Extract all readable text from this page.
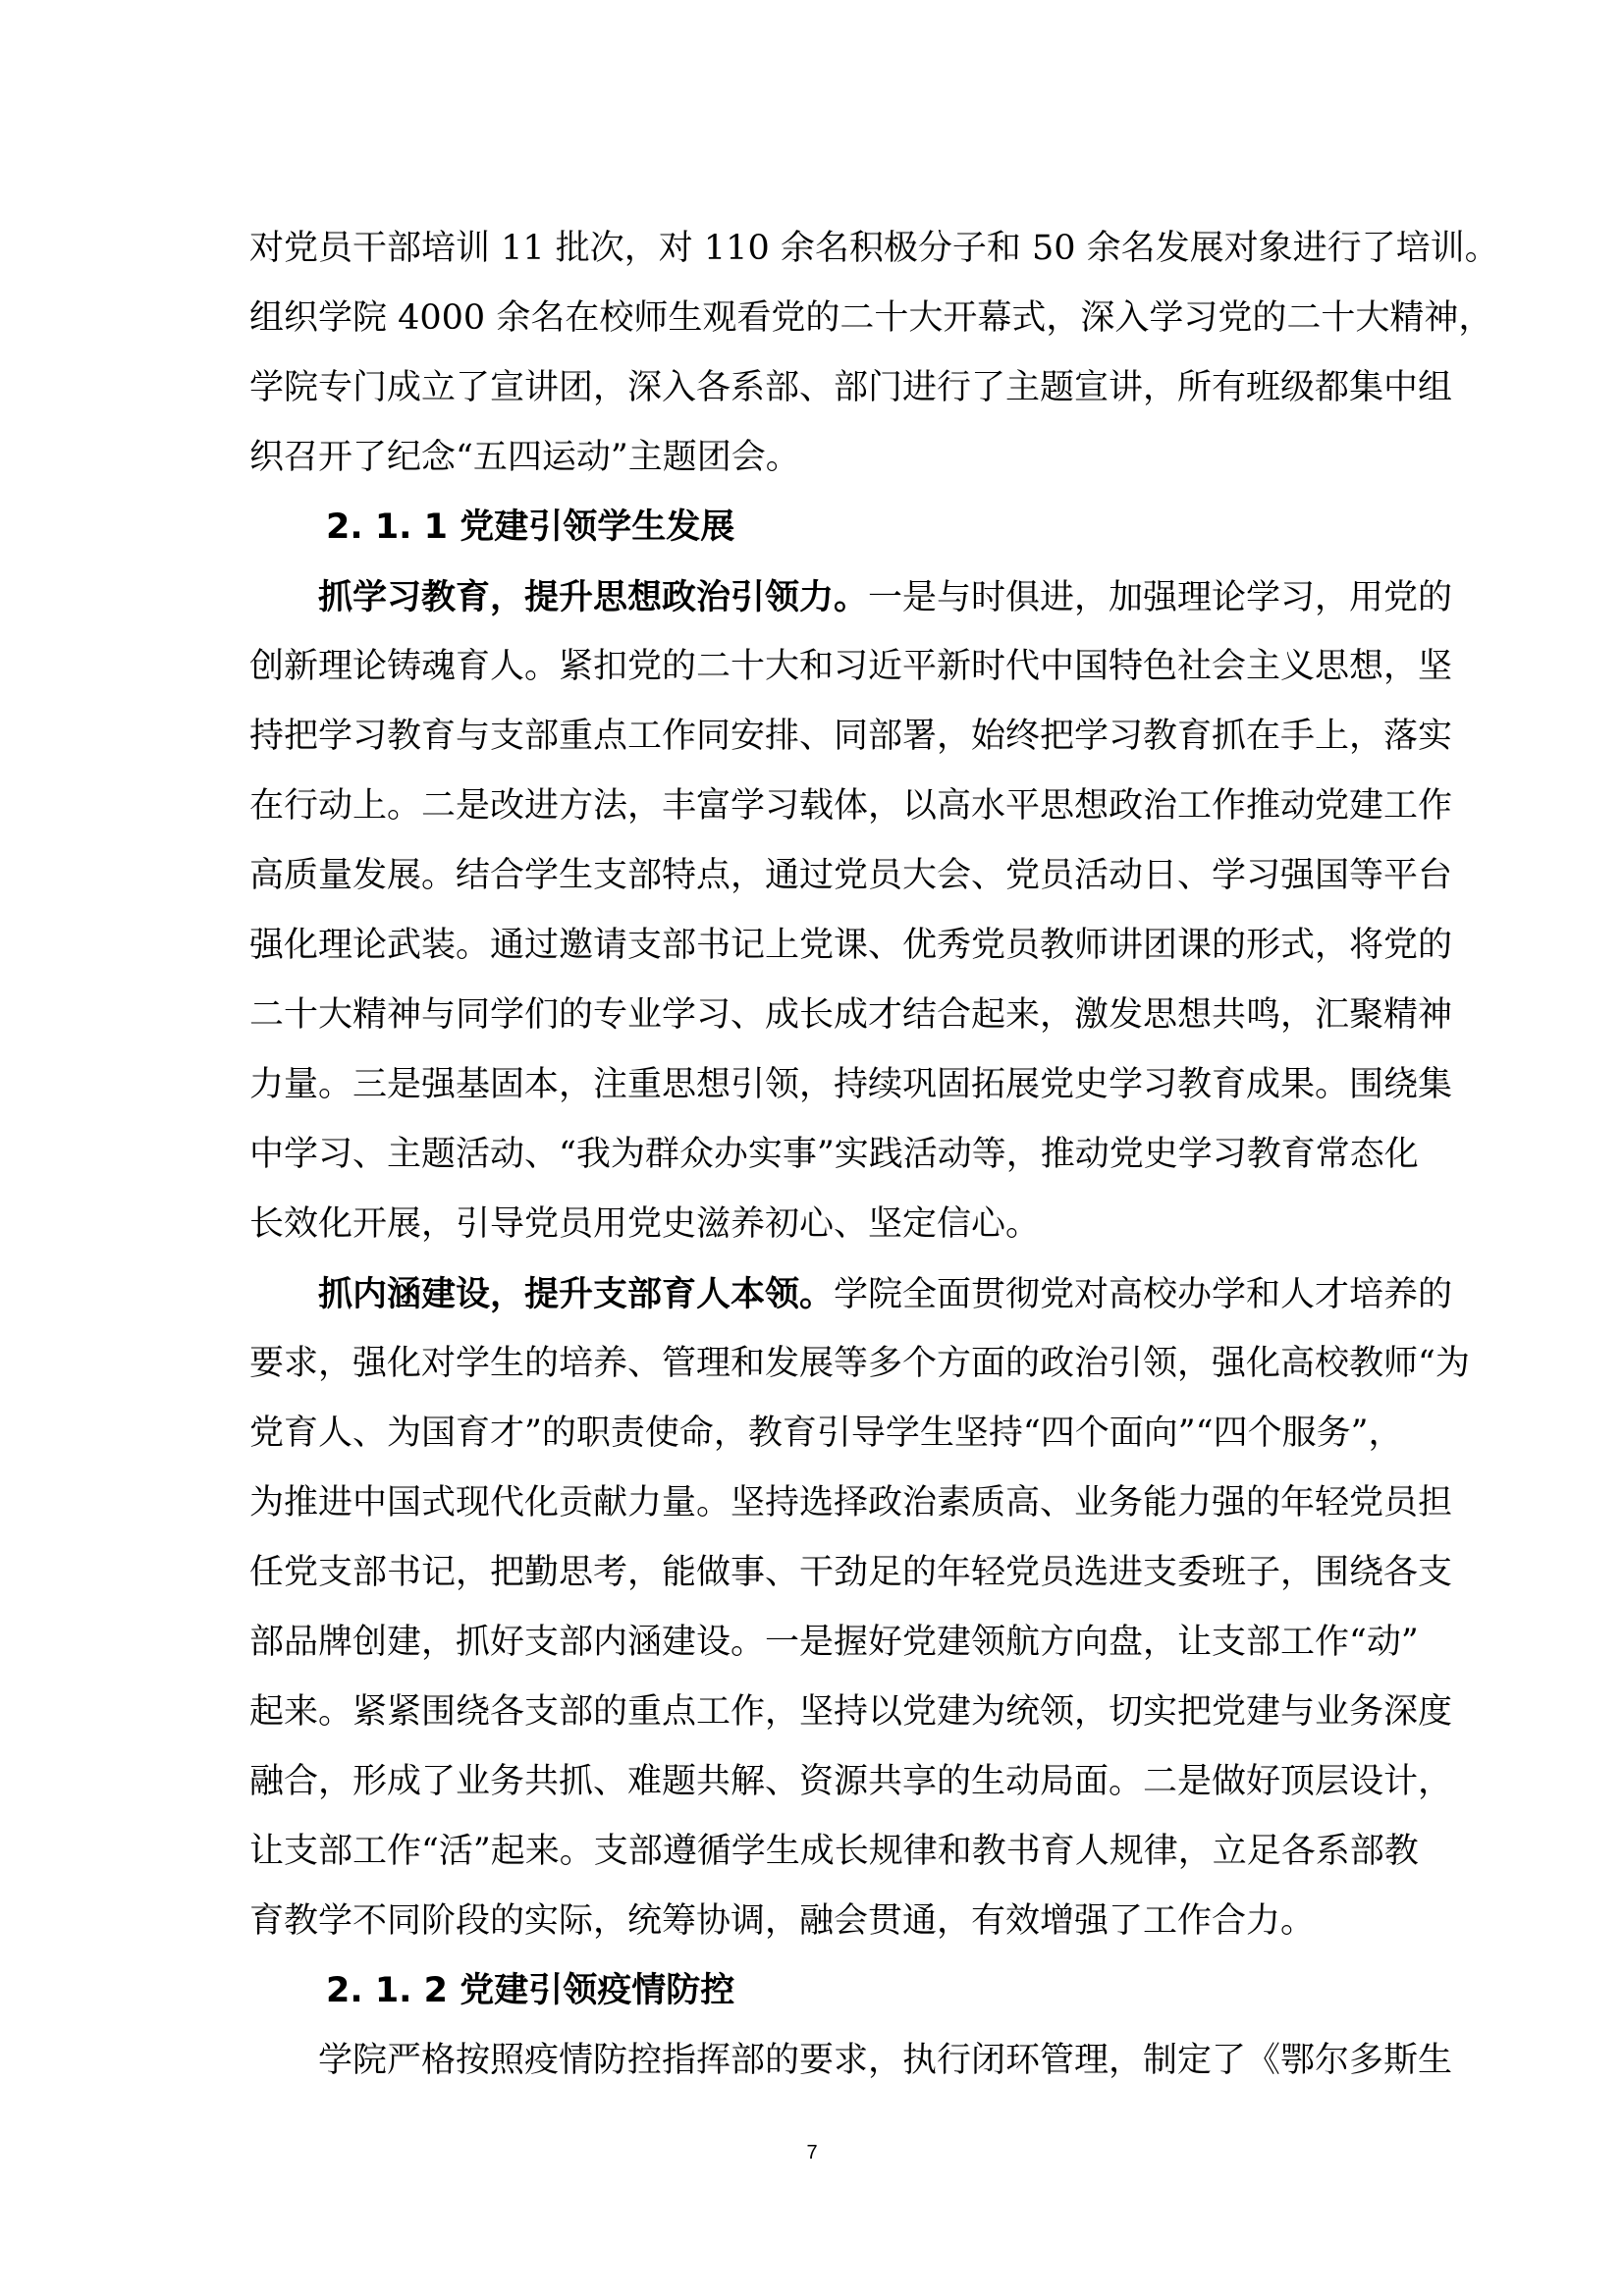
对党员干部培训 11 批次，对 110 余名积极分子和 50 余名发展对象进行了培训。
组织学院 4000 余名在校师生观看党的二十大开幕式，深入学习党的二十大精神，
学院专门成立了宣讲团，深入各系部、部门进行了主题宣讲，所有班级都集中组
织召开了纪念“五四运动”主题团会。
2. 1. 1 党建引领学生发展
抓学习教育，提升思想政治引领力。一是与时俱进，加强理论学习，用党的
创新理论铸魂育人。紧扣党的二十大和习近平新时代中国特色社会主义思想，坚
持把学习教育与支部重点工作同安排、同部署，始终把学习教育抓在手上，落实
在行动上。二是改进方法，丰富学习载体，以高水平思想政治工作推动党建工作
高质量发展。结合学生支部特点，通过党员大会、党员活动日、学习强国等平台
强化理论武装。通过邀请支部书记上党课、优秀党员教师讲团课的形式，将党的
二十大精神与同学们的专业学习、成长成才结合起来，激发思想共鸣，汇聚精神
力量。三是强基固本，注重思想引领，持续巩固拓展党史学习教育成果。围绕集
中学习、主题活动、“我为群众办实事”实践活动等，推动党史学习教育常态化
长效化开展，引导党员用党史滋养初心、坚定信心。
抓内涵建设，提升支部育人本领。学院全面贯彻党对高校办学和人才培养的
要求，强化对学生的培养、管理和发展等多个方面的政治引领，强化高校教师“为
党育人、为国育才”的职责使命，教育引导学生坚持“四个面向”“四个服务”，
为推进中国式现代化贡献力量。坚持选择政治素质高、业务能力强的年轻党员担
任党支部书记，把勤思考，能做事、干劲足的年轻党员选进支委班子，围绕各支
部品牌创建，抓好支部内涵建设。一是握好党建领航方向盘，让支部工作“动”
起来。紧紧围绕各支部的重点工作，坚持以党建为统领，切实把党建与业务深度
融合，形成了业务共抓、难题共解、资源共享的生动局面。二是做好顶层设计，
让支部工作“活”起来。支部遵循学生成长规律和教书育人规律，立足各系部教
育教学不同阶段的实际，统筹协调，融会贯通，有效增强了工作合力。
2. 1. 2 党建引领疫情防控
学院严格按照疫情防控指挥部的要求，执行闭环管理，制定了《鄂尔多斯生
7
